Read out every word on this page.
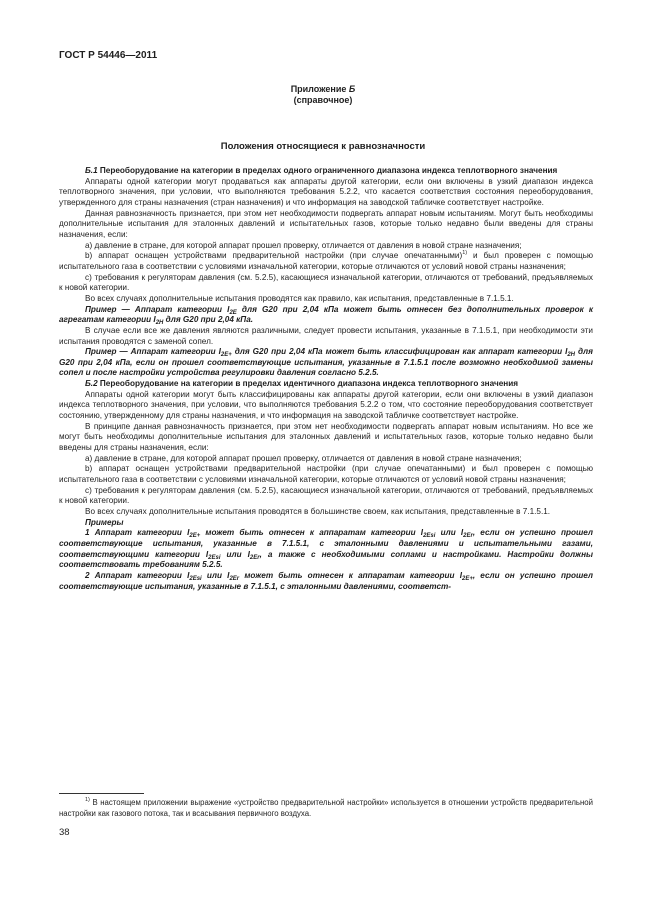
ГОСТ Р 54446—2011
Приложение Б
(справочное)
Положения относящиеся к равнозначности

Б.1 Переоборудование на категории в пределах одного ограниченного диапазона индекса теплотворного значения

Аппараты одной категории могут продаваться как аппараты другой категории, если они включены в узкий диапазон индекса теплотворного значения, при условии, что выполняются требования 5.2.2, что касается соответствия состояния переоборудования, утвержденного для страны назначения (стран назначения) и что информация на заводской табличке соответствует настройке.

Данная равнозначность признается, при этом нет необходимости подвергать аппарат новым испытаниям. Могут быть необходимы дополнительные испытания для эталонных давлений и испытательных газов, которые только недавно были введены для страны назначения, если:

а) давление в стране, для которой аппарат прошел проверку, отличается от давления в новой стране назначения;

b) аппарат оснащен устройствами предварительной настройки (при случае опечатанными)$^{1)}$ и был проверен с помощью испытательного газа в соответствии с условиями изначальной категории, которые отличаются от условий новой страны назначения;

с) требования к регуляторам давления (см. 5.2.5), касающиеся изначальной категории, отличаются от требований, предъявляемых к новой категории.

Во всех случаях дополнительные испытания проводятся как правило, как испытания, представленные в 7.1.5.1.

Пример — Аппарат категории $I_{2E}$ для G20 при 2,04 кПа может быть отнесен без дополнительных проверок к агрегатам категории $I_{2H}$ для G20 при 2,04 кПа.

В случае если все же давления являются различными, следует провести испытания, указанные в 7.1.5.1, при необходимости эти испытания проводятся с заменой сопел.

Пример — Аппарат категории $I_{2E+}$ для G20 при 2,04 кПа может быть классифицирован как аппарат категории $I_{2H}$ для G20 при 2,04 кПа, если он прошел соответствующие испытания, указанные в 7.1.5.1 после возможно необходимой замены сопел и после настройки устройства регулировки давления согласно 5.2.5.

Б.2 Переоборудование на категории в пределах идентичного диапазона индекса теплотворного значения

Аппараты одной категории могут быть классифицированы как аппараты другой категории, если они включены в узкий диапазон индекса теплотворного значения, при условии, что выполняются требования 5.2.2 о том, что состояние переоборудования соответствует состоянию, утвержденному для страны назначения, и что информация на заводской табличке соответствует настройке.

В принципе данная равнозначность признается, при этом нет необходимости подвергать аппарат новым испытаниям. Но все же могут быть необходимы дополнительные испытания для эталонных давлений и испытательных газов, которые только недавно были введены для страны назначения, если:

а) давление в стране, для которой аппарат прошел проверку, отличается от давления в новой стране назначения;

b) аппарат оснащен устройствами предварительной настройки (при случае опечатанными) и был проверен с помощью испытательного газа в соответствии с условиями изначальной категории, которые отличаются от условий новой страны назначения;

с) требования к регуляторам давления (см. 5.2.5), касающиеся изначальной категории, отличаются от требований, предъявляемых к новой категории.

Во всех случаях дополнительные испытания проводятся в большинстве своем, как испытания, представленные в 7.1.5.1.

Примеры

1 Аппарат категории $I_{2E+}$ может быть отнесен к аппаратам категории $I_{2Esi}$ или $I_{2Er}$, если он успешно прошел соответствующие испытания, указанные в 7.1.5.1, с эталонными давлениями и испытательными газами, соответствующими категории $I_{2Esi}$ или $I_{2Er}$, а также с необходимыми соплами и настройками. Настройки должны соответствовать требованиям 5.2.5.

2 Аппарат категории $I_{2Esi}$ или $I_{2Er}$ может быть отнесен к аппаратам категории $I_{2E+}$, если он успешно прошел соответствующие испытания, указанные в 7.1.5.1, с эталонными давлениями, соответст-

$^{1)}$ В настоящем приложении выражение «устройство предварительной настройки» используется в отношении устройств предварительной настройки как газового потока, так и всасывания первичного воздуха.

38
